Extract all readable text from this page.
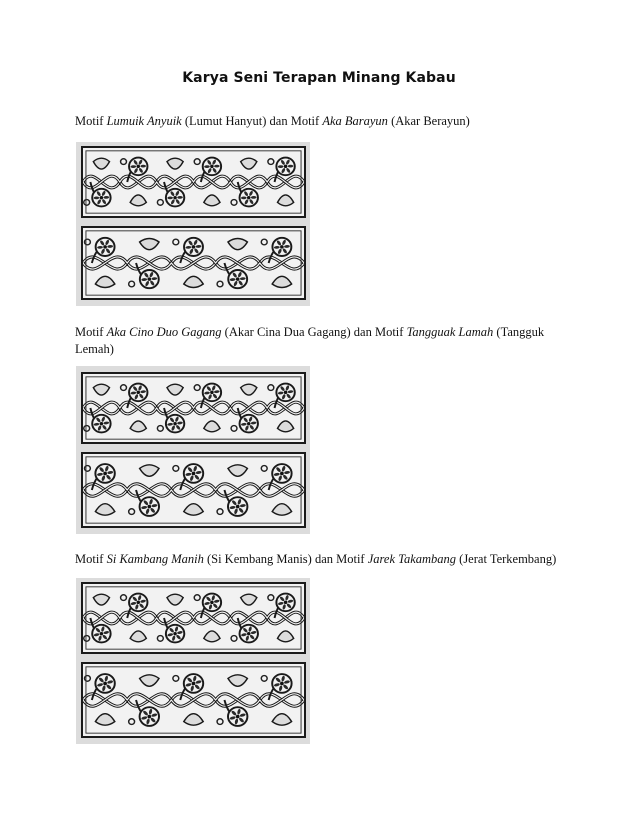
Karya Seni Terapan Minang Kabau
Motif Lumuik Anyuik (Lumut Hanyut) dan Motif Aka Barayun (Akar Berayun)
Motif Aka Cino Duo Gagang (Akar Cina Dua Gagang) dan Motif Tangguak Lamah (Tangguk Lemah)
Motif Si Kambang Manih (Si Kembang Manis) dan Motif Jarek Takambang (Jerat Terkembang)
